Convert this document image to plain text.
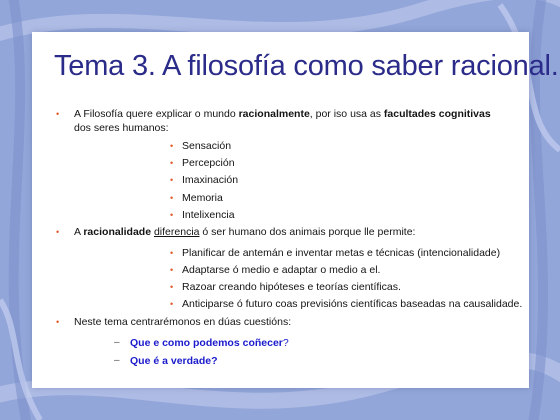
Tema 3. A filosofía como saber racional.
• A Filosofía quere explicar o mundo racionalmente, por iso usa as facultades cognitivas dos seres humanos:
• Sensación
• Percepción
• Imaxinación
• Memoria
• Intelixencia
• A racionalidade diferencia ó ser humano dos animais porque lle permite:
• Planificar de antemán e inventar metas e técnicas (intencionalidade)
• Adaptarse ó medio e adaptar o medio a el.
• Razoar creando hipóteses e teorías científicas.
• Anticiparse ó futuro coas previsións científicas baseadas na causalidade.
• Neste tema centrarémonos en dúas cuestións:
– Que e como podemos coñecer?
– Que é a verdade?
